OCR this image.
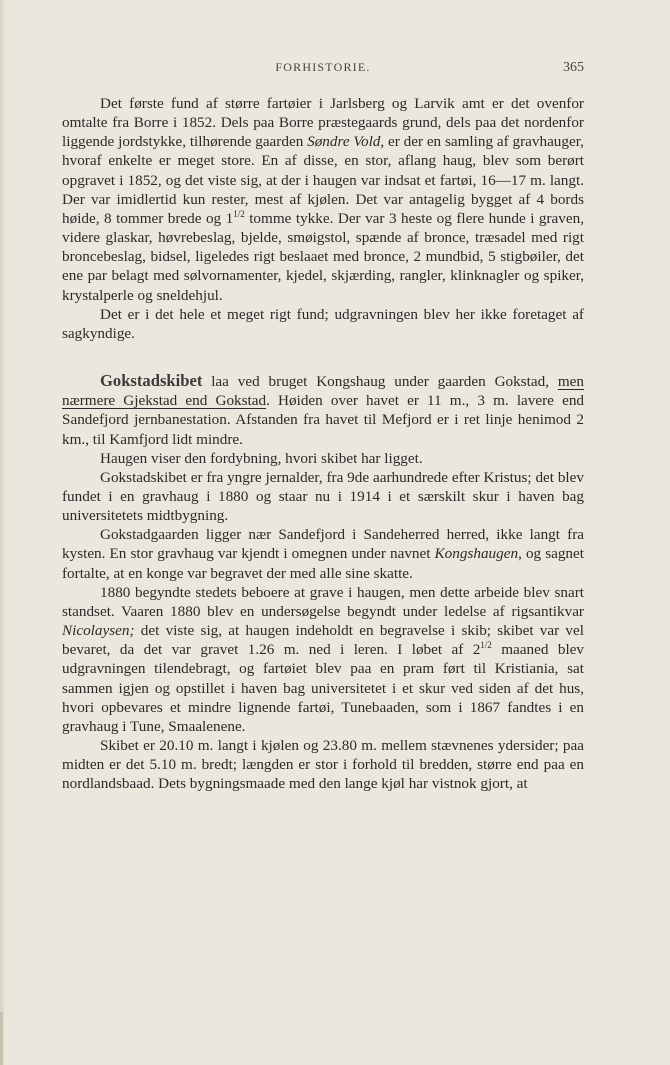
FORHISTORIE.	365

Det første fund af større fartøier i Jarlsberg og Larvik amt er det ovenfor omtalte fra Borre i 1852. Dels paa Borre præstegaards grund, dels paa det nordenfor liggende jordstykke, tilhørende gaarden Søndre Vold, er der en samling af gravhauger, hvoraf enkelte er meget store. En af disse, en stor, aflang haug, blev som berørt opgravet i 1852, og det viste sig, at der i haugen var indsat et fartøi, 16—17 m. langt. Der var imidlertid kun rester, mest af kjølen. Det var antagelig bygget af 4 bords høide, 8 tommer brede og $1^{1/2}$ tomme tykke. Der var 3 heste og flere hunde i graven, videre glaskar, høvrebeslag, bjelde, smøigstol, spænde af bronce, træsadel med rigt broncebeslag, bidsel, ligeledes rigt beslaaet med bronce, 2 mundbid, 5 stigbøiler, det ene par belagt med sølvornamenter, kjedel, skjærding, rangler, klinknagler og spiker, krystalperle og sneldehjul.

Det er i det hele et meget rigt fund; udgravningen blev her ikke foretaget af sagkyndige.

Gokstadskibet laa ved bruget Kongshaug under gaarden Gokstad, men nærmere Gjekstad end Gokstad. Høiden over havet er 11 m., 3 m. lavere end Sandefjord jernbanestation. Afstanden fra havet til Mefjord er i ret linje henimod 2 km., til Kamfjord lidt mindre.

Haugen viser den fordybning, hvori skibet har ligget.

Gokstadskibet er fra yngre jernalder, fra 9de aarhundrede efter Kristus; det blev fundet i en gravhaug i 1880 og staar nu i 1914 i et særskilt skur i haven bag universitetets midtbygning.

Gokstadgaarden ligger nær Sandefjord i Sandeherred herred, ikke langt fra kysten. En stor gravhaug var kjendt i omegnen under navnet Kongshaugen, og sagnet fortalte, at en konge var begravet der med alle sine skatte.

1880 begyndte stedets beboere at grave i haugen, men dette arbeide blev snart standset. Vaaren 1880 blev en undersøgelse begyndt under ledelse af rigsantikvar Nicolaysen; det viste sig, at haugen indeholdt en begravelse i skib; skibet var vel bevaret, da det var gravet 1.26 m. ned i leren. I løbet af $2^{1/2}$ maaned blev udgravningen tilendebragt, og fartøiet blev paa en pram ført til Kristiania, sat sammen igjen og opstillet i haven bag universitetet i et skur ved siden af det hus, hvori opbevares et mindre lignende fartøi, Tunebaaden, som i 1867 fandtes i en gravhaug i Tune, Smaalenene.

Skibet er 20.10 m. langt i kjølen og 23.80 m. mellem stævnenes ydersider; paa midten er det 5.10 m. bredt; længden er stor i forhold til bredden, større end paa en nordlandsbaad. Dets bygningsmaade med den lange kjøl har vistnok gjort, at
